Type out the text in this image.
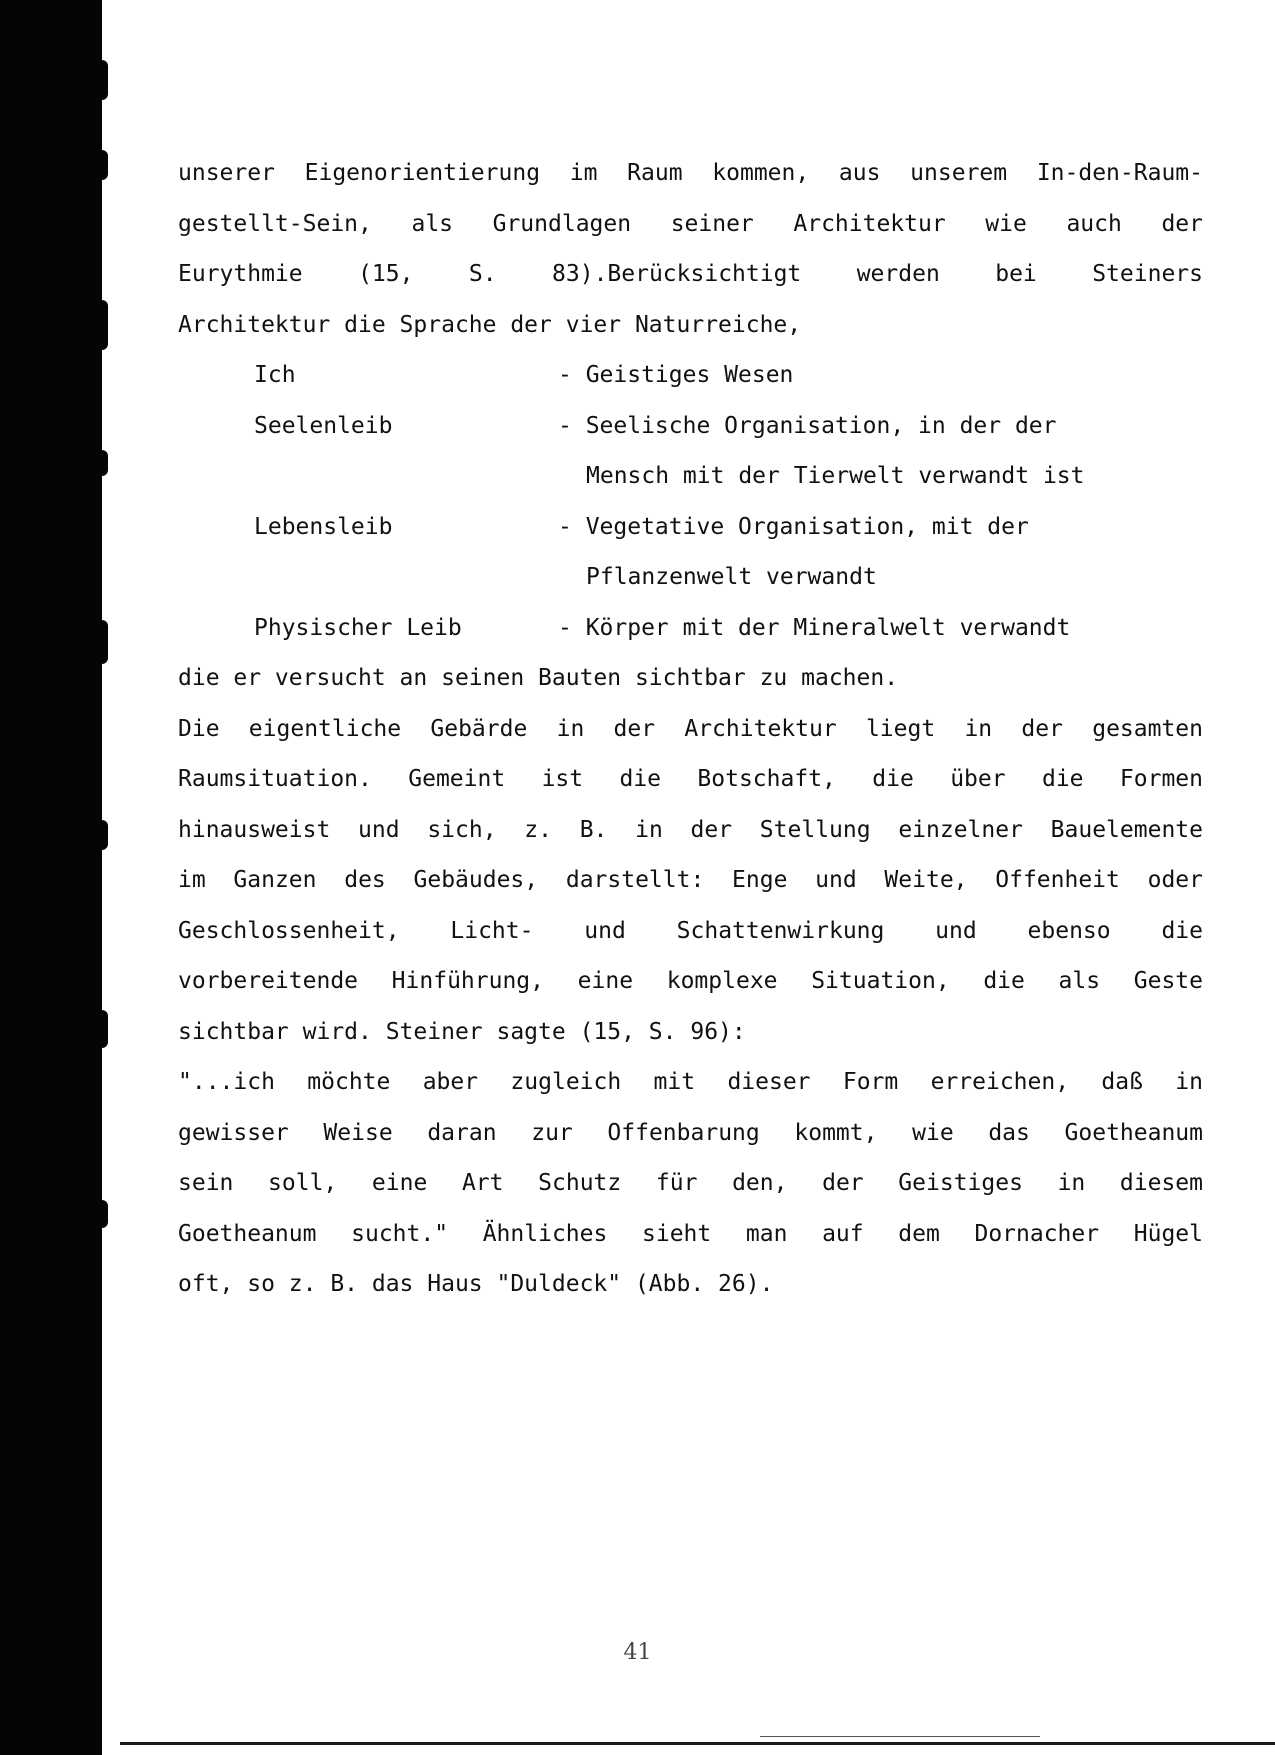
unserer Eigenorientierung im Raum kommen, aus unserem In-den-Raum-
gestellt-Sein, als Grundlagen seiner Architektur wie auch der
Eurythmie (15, S. 83).Berücksichtigt werden bei Steiners
Architektur die Sprache der vier Naturreiche,
Ich	- Geistiges Wesen
Seelenleib	- Seelische Organisation, in der der
Mensch mit der Tierwelt verwandt ist
Lebensleib	- Vegetative Organisation, mit der
Pflanzenwelt verwandt
Physischer Leib	- Körper mit der Mineralwelt verwandt
die er versucht an seinen Bauten sichtbar zu machen.
Die eigentliche Gebärde in der Architektur liegt in der gesamten
Raumsituation. Gemeint ist die Botschaft, die über die Formen
hinausweist und sich, z. B. in der Stellung einzelner Bauelemente
im Ganzen des Gebäudes, darstellt: Enge und Weite, Offenheit oder
Geschlossenheit, Licht- und Schattenwirkung und ebenso die
vorbereitende Hinführung, eine komplexe Situation, die als Geste
sichtbar wird. Steiner sagte (15, S. 96):
"...ich möchte aber zugleich mit dieser Form erreichen, daß in
gewisser Weise daran zur Offenbarung kommt, wie das Goetheanum
sein soll, eine Art Schutz für den, der Geistiges in diesem
Goetheanum sucht." Ähnliches sieht man auf dem Dornacher Hügel
oft, so z. B. das Haus "Duldeck" (Abb. 26).
41
